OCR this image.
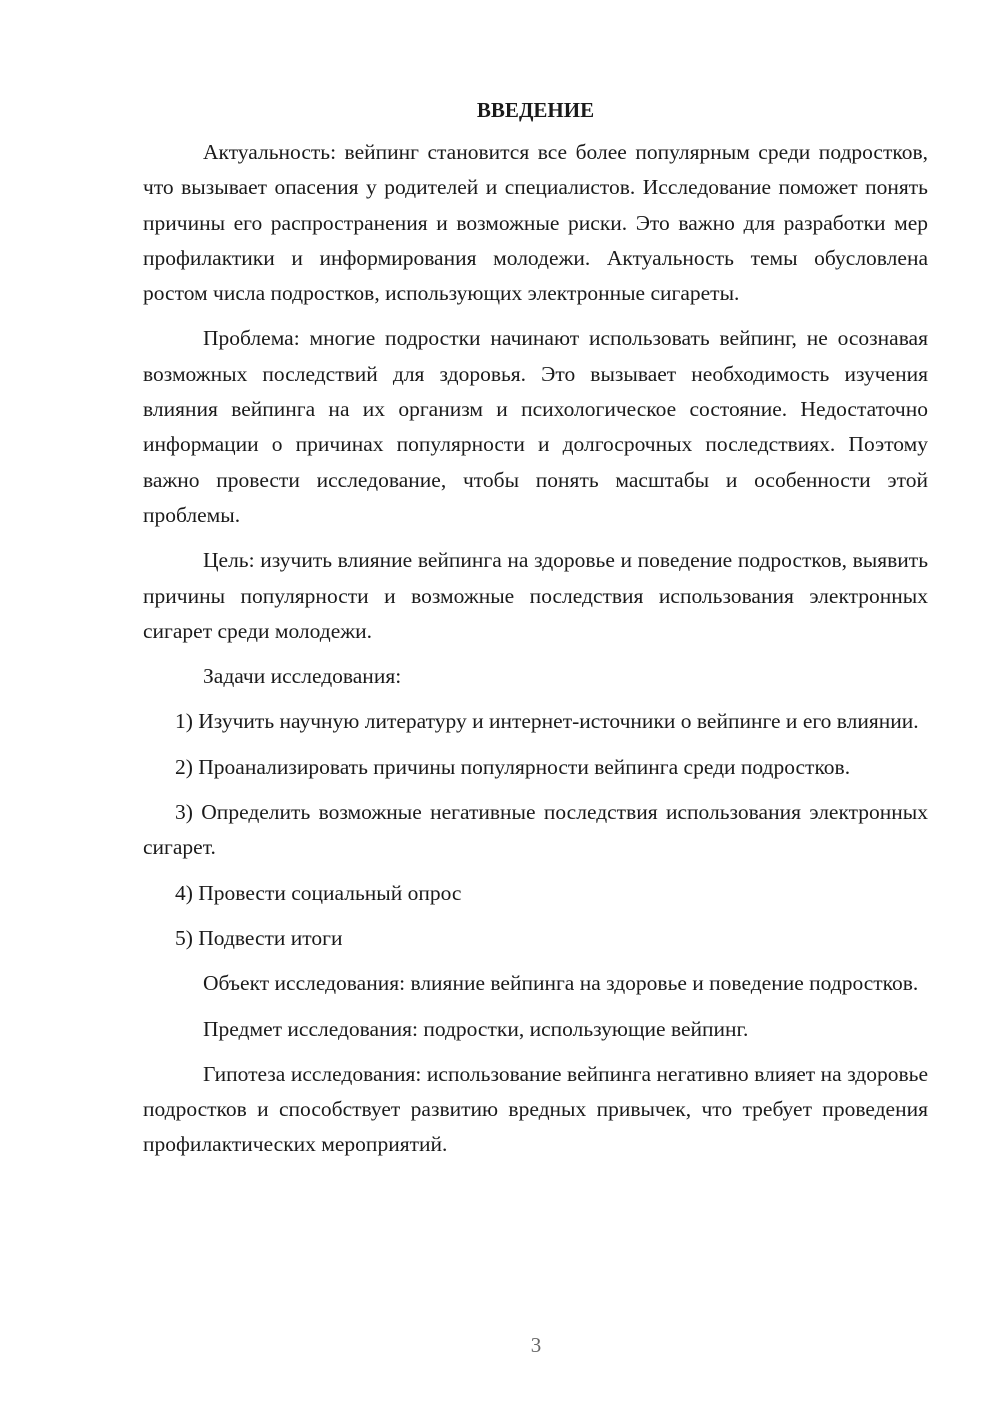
ВВЕДЕНИЕ
Актуальность: вейпинг становится все более популярным среди подростков, что вызывает опасения у родителей и специалистов. Исследование поможет понять причины его распространения и возможные риски. Это важно для разработки мер профилактики и информирования молодежи. Актуальность темы обусловлена ростом числа подростков, использующих электронные сигареты.
Проблема: многие подростки начинают использовать вейпинг, не осознавая возможных последствий для здоровья. Это вызывает необходимость изучения влияния вейпинга на их организм и психологическое состояние. Недостаточно информации о причинах популярности и долгосрочных последствиях. Поэтому важно провести исследование, чтобы понять масштабы и особенности этой проблемы.
Цель: изучить влияние вейпинга на здоровье и поведение подростков, выявить причины популярности и возможные последствия использования электронных сигарет среди молодежи.
Задачи исследования:
1) Изучить научную литературу и интернет-источники о вейпинге и его влиянии.
2) Проанализировать причины популярности вейпинга среди подростков.
3) Определить возможные негативные последствия использования электронных сигарет.
4) Провести социальный опрос
5) Подвести итоги
Объект исследования: влияние вейпинга на здоровье и поведение подростков.
Предмет исследования: подростки, использующие вейпинг.
Гипотеза исследования: использование вейпинга негативно влияет на здоровье подростков и способствует развитию вредных привычек, что требует проведения профилактических мероприятий.
3
